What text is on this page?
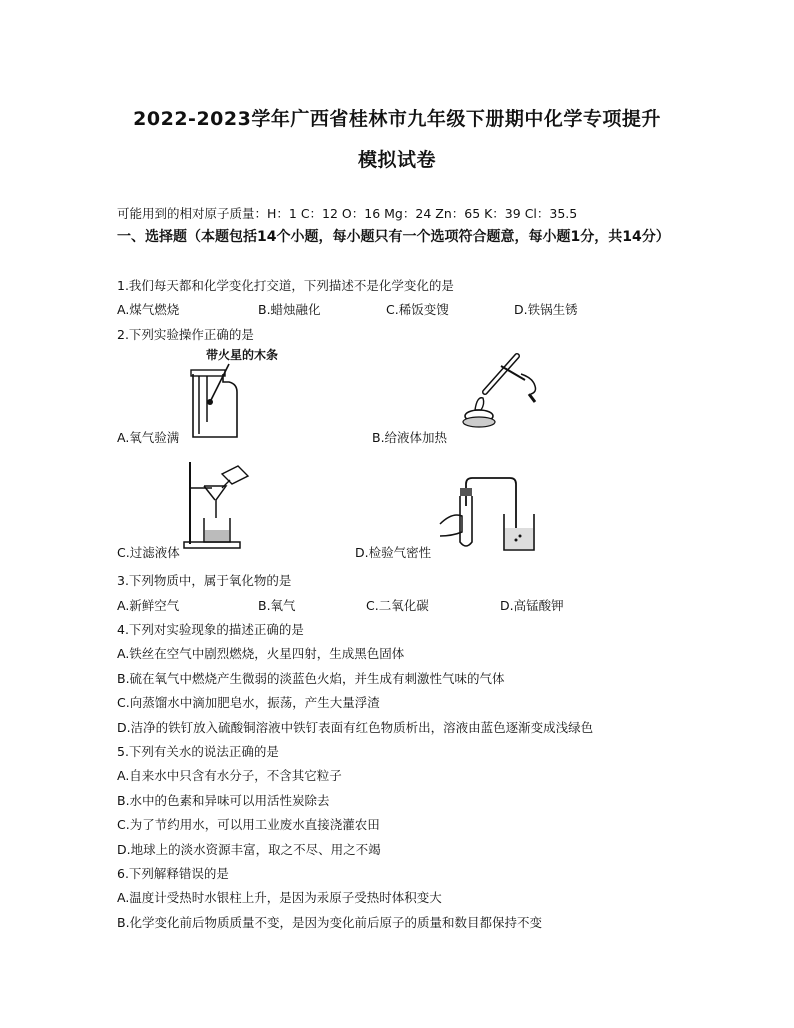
2022-2023学年广西省桂林市九年级下册期中化学专项提升
模拟试卷
可能用到的相对原子质量：H：1 C：12 O：16 Mg：24 Zn：65 K：39 Cl：35.5
一、选择题（本题包括14个小题，每小题只有一个选项符合题意，每小题1分，共14分）
1.我们每天都和化学变化打交道，下列描述不是化学变化的是
A.煤气燃烧	B.蜡烛融化	C.稀饭变馊	D.铁锅生锈
2.下列实验操作正确的是
带火星的木条
A.氧气验满	B.给液体加热
C.过滤液体	D.检验气密性
3.下列物质中，属于氧化物的是
A.新鲜空气	B.氧气	C.二氧化碳	D.高锰酸钾
4.下列对实验现象的描述正确的是
A.铁丝在空气中剧烈燃烧，火星四射，生成黑色固体
B.硫在氧气中燃烧产生微弱的淡蓝色火焰，并生成有刺激性气味的气体
C.向蒸馏水中滴加肥皂水，振荡，产生大量浮渣
D.洁净的铁钉放入硫酸铜溶液中铁钉表面有红色物质析出，溶液由蓝色逐渐变成浅绿色
5.下列有关水的说法正确的是
A.自来水中只含有水分子，不含其它粒子
B.水中的色素和异味可以用活性炭除去
C.为了节约用水，可以用工业废水直接浇灌农田
D.地球上的淡水资源丰富，取之不尽、用之不竭
6.下列解释错误的是
A.温度计受热时水银柱上升，是因为汞原子受热时体积变大
B.化学变化前后物质质量不变，是因为变化前后原子的质量和数目都保持不变
